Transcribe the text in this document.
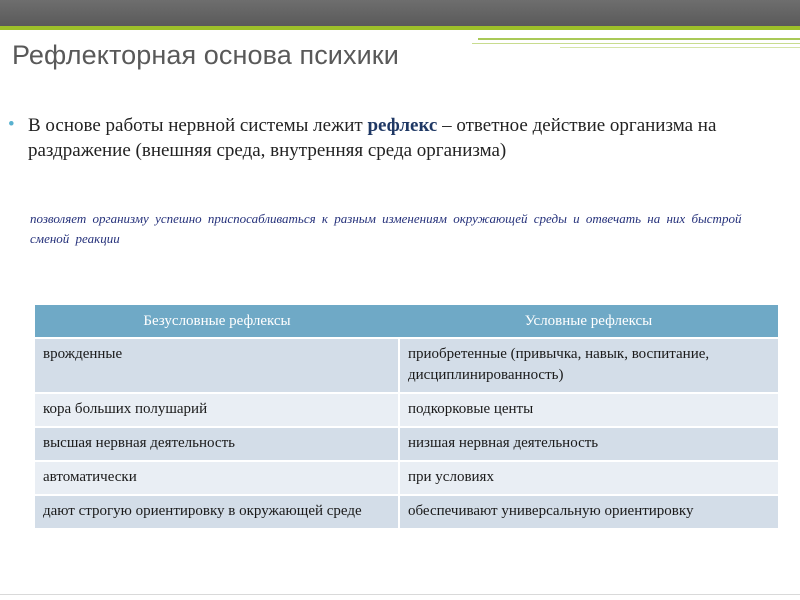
Рефлекторная основа психики
• В основе работы нервной системы лежит рефлекс – ответное действие организма на раздражение (внешняя среда, внутренняя среда организма)
позволяет организму успешно приспосабливаться к разным изменениям окружающей среды и отвечать на них быстрой сменой реакции
Безусловные рефлексы	Условные рефлексы
врожденные	приобретенные (привычка, навык, воспитание, дисциплинированность)
кора больших полушарий	подкорковые центы
высшая нервная деятельность	низшая нервная деятельность
автоматически	при условиях
дают строгую ориентировку в окружающей среде	обеспечивают универсальную ориентировку
